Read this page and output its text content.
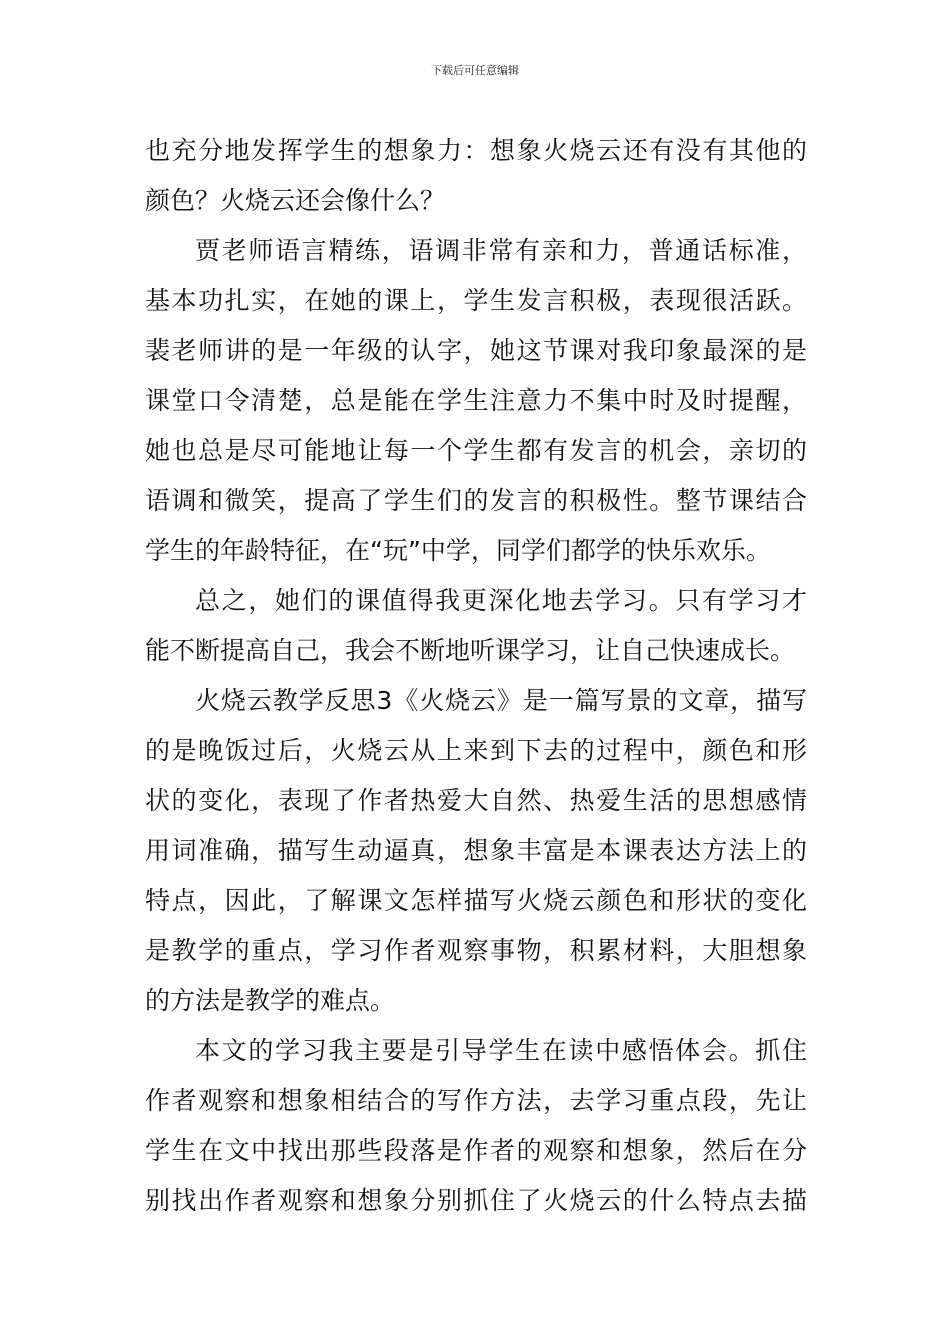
下载后可任意编辑
也充分地发挥学生的想象力：想象火烧云还有没有其他的
颜色？火烧云还会像什么？
贾老师语言精练，语调非常有亲和力，普通话标准，
基本功扎实，在她的课上，学生发言积极，表现很活跃。
裴老师讲的是一年级的认字，她这节课对我印象最深的是
课堂口令清楚，总是能在学生注意力不集中时及时提醒，
她也总是尽可能地让每一个学生都有发言的机会，亲切的
语调和微笑，提高了学生们的发言的积极性。整节课结合
学生的年龄特征，在“玩”中学，同学们都学的快乐欢乐。
总之，她们的课值得我更深化地去学习。只有学习才
能不断提高自己，我会不断地听课学习，让自己快速成长。
火烧云教学反思3《火烧云》是一篇写景的文章，描写
的是晚饭过后，火烧云从上来到下去的过程中，颜色和形
状的变化，表现了作者热爱大自然、热爱生活的思想感情
用词准确，描写生动逼真，想象丰富是本课表达方法上的
特点，因此，了解课文怎样描写火烧云颜色和形状的变化
是教学的重点，学习作者观察事物，积累材料，大胆想象
的方法是教学的难点。
本文的学习我主要是引导学生在读中感悟体会。抓住
作者观察和想象相结合的写作方法，去学习重点段，先让
学生在文中找出那些段落是作者的观察和想象，然后在分
别找出作者观察和想象分别抓住了火烧云的什么特点去描
